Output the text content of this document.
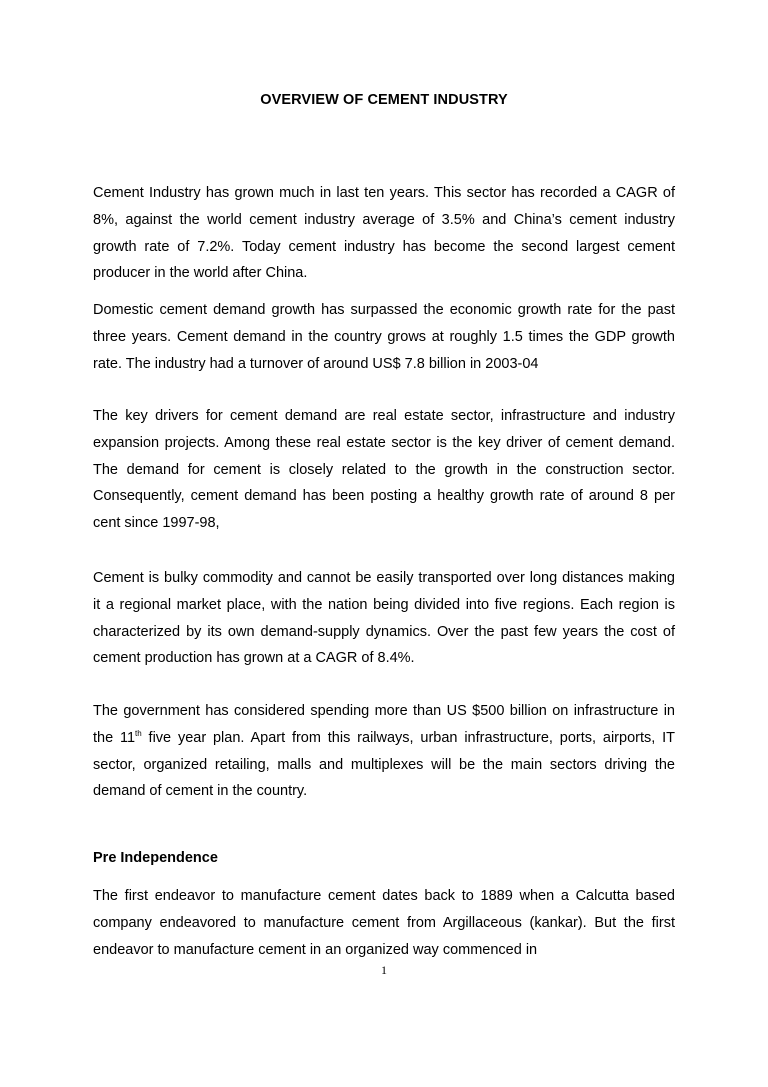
OVERVIEW OF CEMENT INDUSTRY

Cement Industry has grown much in last ten years. This sector has recorded a CAGR of 8%, against the world cement industry average of 3.5% and China’s cement industry growth rate of 7.2%. Today cement industry has become the second largest cement producer in the world after China.

Domestic cement demand growth has surpassed the economic growth rate for the past three years. Cement demand in the country grows at roughly 1.5 times the GDP growth rate. The industry had a turnover of around US$ 7.8 billion in 2003-04

The key drivers for cement demand are real estate sector, infrastructure and industry expansion projects. Among these real estate sector is the key driver of cement demand. The demand for cement is closely related to the growth in the construction sector. Consequently, cement demand has been posting a healthy growth rate of around 8 per cent since 1997-98,

Cement is bulky commodity and cannot be easily transported over long distances making it a regional market place, with the nation being divided into five regions. Each region is characterized by its own demand-supply dynamics. Over the past few years the cost of cement production has grown at a CAGR of 8.4%.

The government has considered spending more than US $500 billion on infrastructure in the 11th five year plan. Apart from this railways, urban infrastructure, ports, airports, IT sector, organized retailing, malls and multiplexes will be the main sectors driving the demand of cement in the country.

Pre Independence

The first endeavor to manufacture cement dates back to 1889 when a Calcutta based company endeavored to manufacture cement from Argillaceous (kankar). But the first endeavor to manufacture cement in an organized way commenced in

1
